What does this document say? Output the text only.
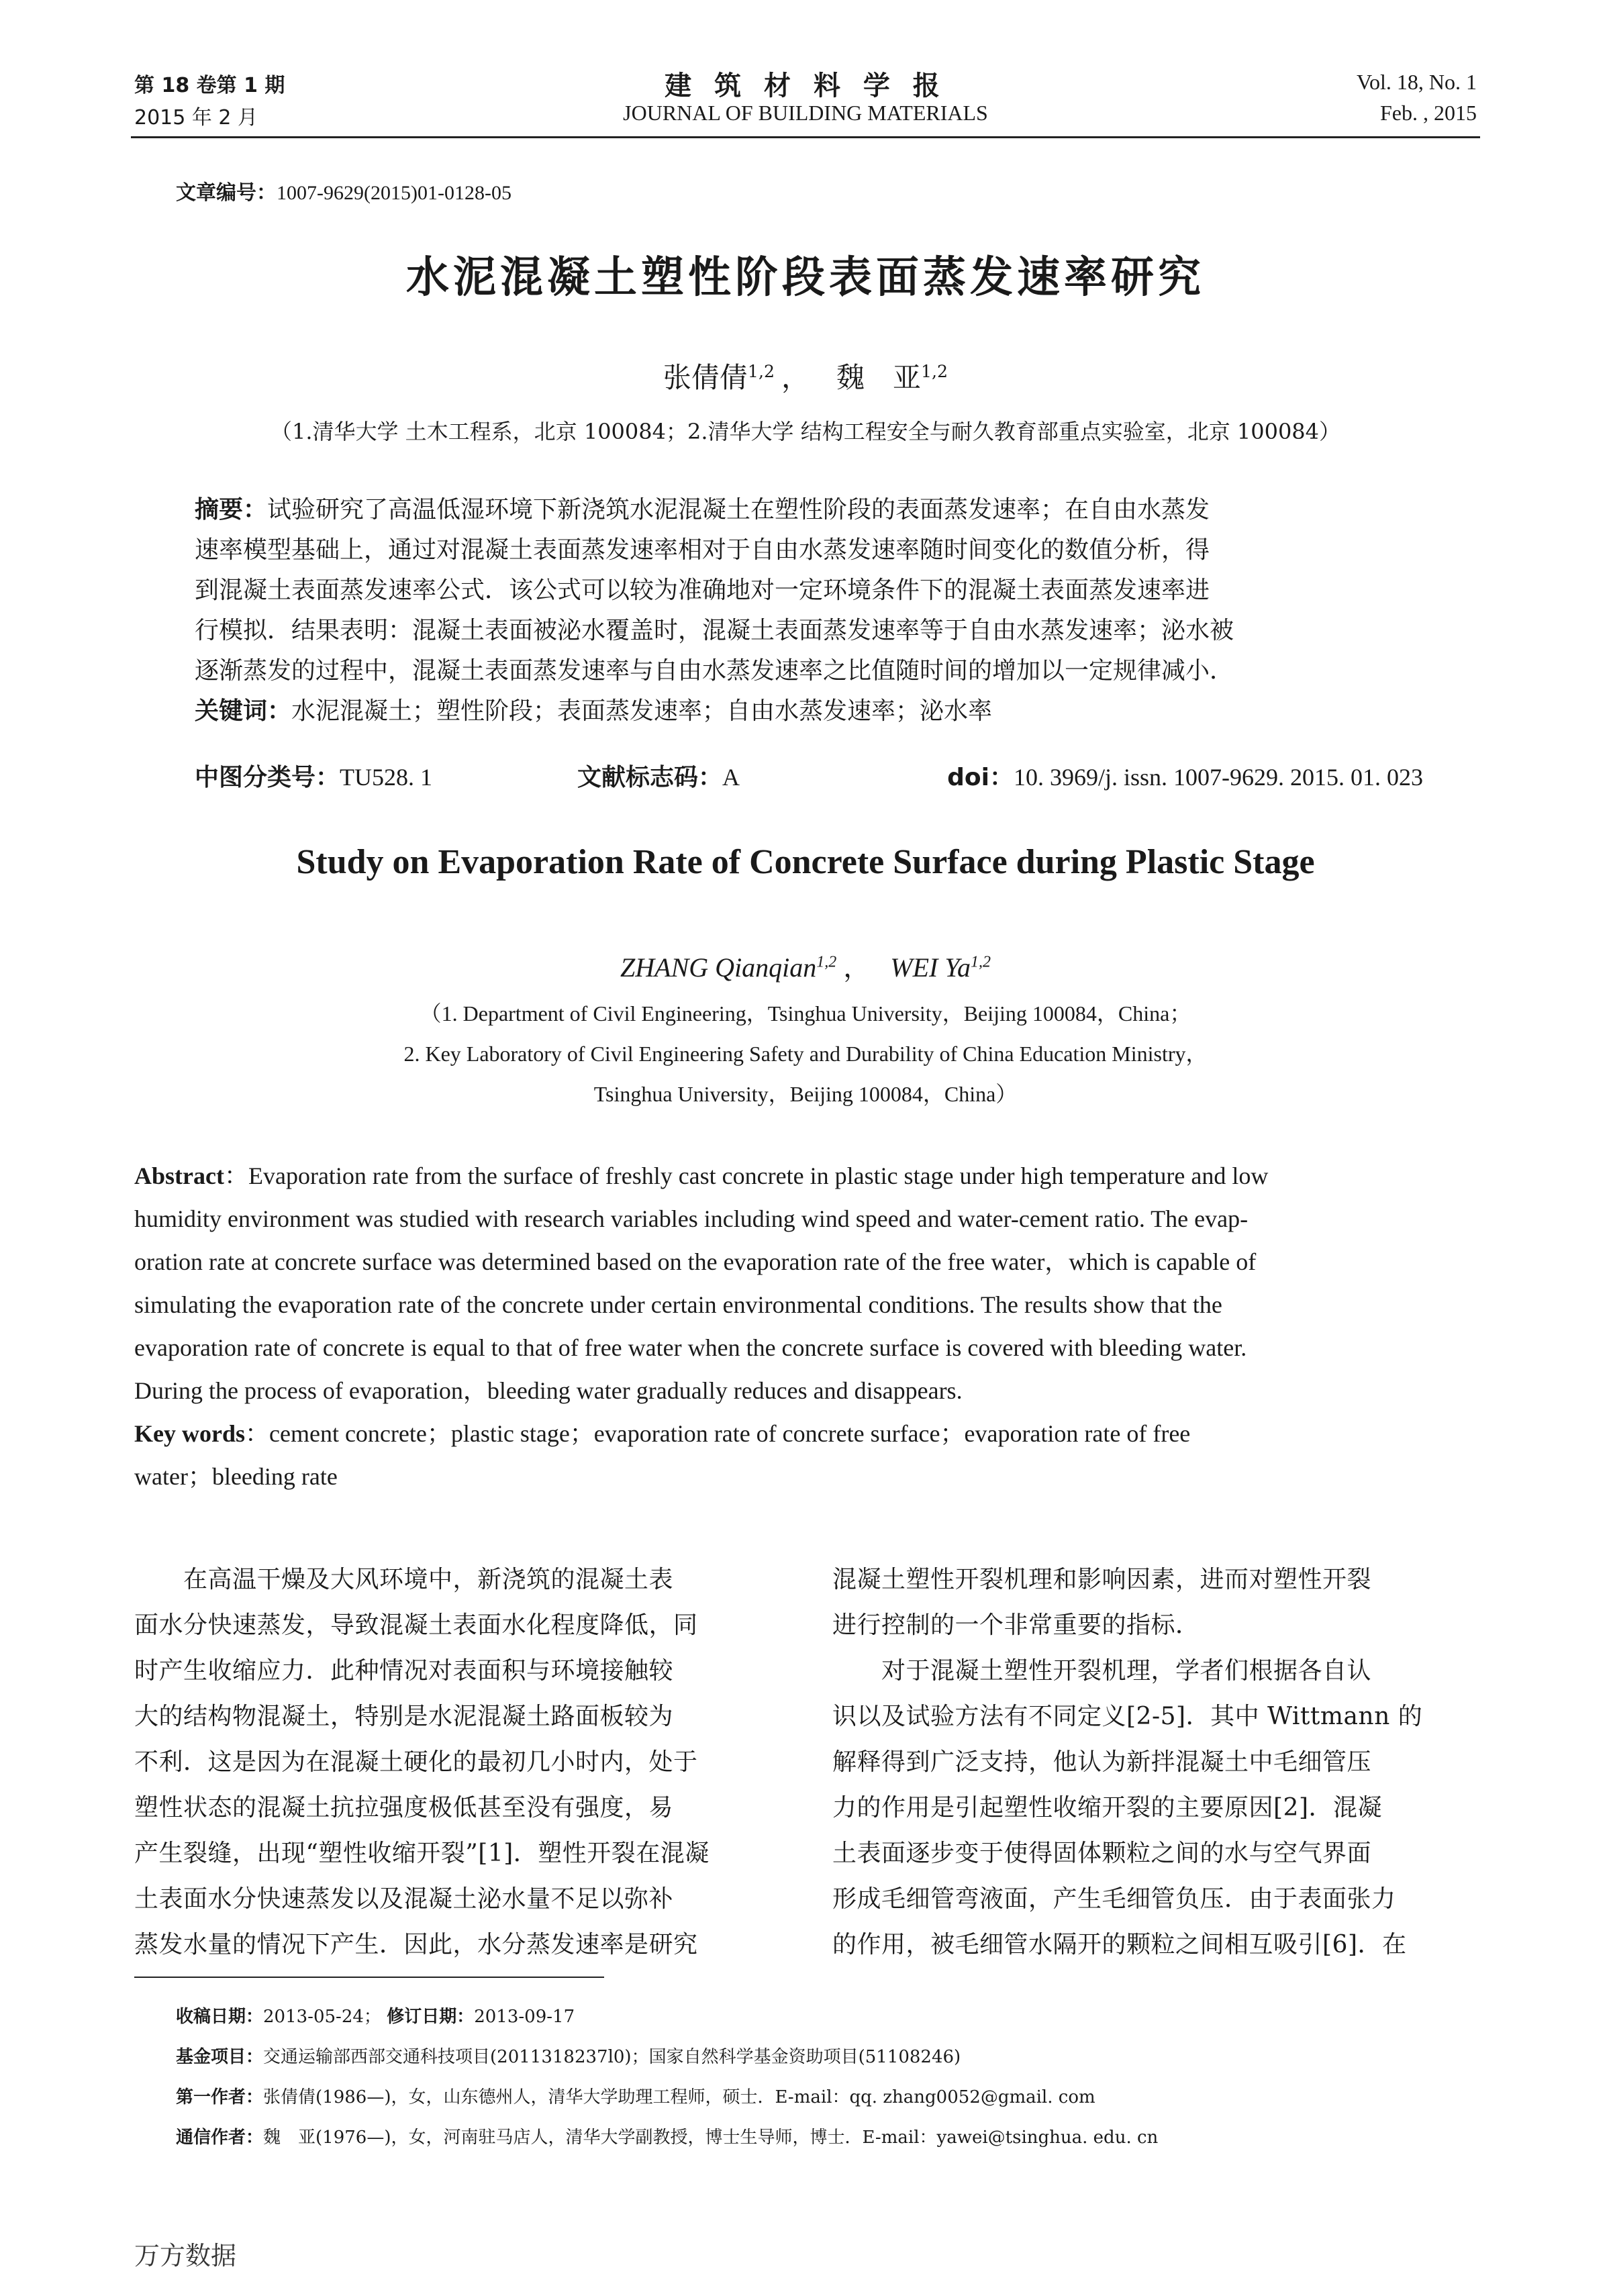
第 18 卷第 1 期
2015 年 2 月
建 筑 材 料 学 报
JOURNAL OF BUILDING MATERIALS
Vol. 18, No. 1
Feb. , 2015
文章编号：1007-9629(2015)01-0128-05
水泥混凝土塑性阶段表面蒸发速率研究
张倩倩$^{1,2}$ ， 魏　亚$^{1,2}$
（1.清华大学 土木工程系，北京 100084；2.清华大学 结构工程安全与耐久教育部重点实验室，北京 100084）
摘要：试验研究了高温低湿环境下新浇筑水泥混凝土在塑性阶段的表面蒸发速率；在自由水蒸发
速率模型基础上，通过对混凝土表面蒸发速率相对于自由水蒸发速率随时间变化的数值分析，得
到混凝土表面蒸发速率公式．该公式可以较为准确地对一定环境条件下的混凝土表面蒸发速率进
行模拟．结果表明：混凝土表面被泌水覆盖时，混凝土表面蒸发速率等于自由水蒸发速率；泌水被
逐渐蒸发的过程中，混凝土表面蒸发速率与自由水蒸发速率之比值随时间的增加以一定规律减小．
关键词：水泥混凝土；塑性阶段；表面蒸发速率；自由水蒸发速率；泌水率
中图分类号：TU528. 1	文献标志码：A	doi：10. 3969/j. issn. 1007-9629. 2015. 01. 023
Study on Evaporation Rate of Concrete Surface during Plastic Stage
ZHANG Qianqian$^{1,2}$ ， WEI Ya$^{1,2}$
（1. Department of Civil Engineering，Tsinghua University，Beijing 100084，China；
2. Key Laboratory of Civil Engineering Safety and Durability of China Education Ministry，
Tsinghua University，Beijing 100084，China）
Abstract：Evaporation rate from the surface of freshly cast concrete in plastic stage under high temperature and low
humidity environment was studied with research variables including wind speed and water-cement ratio. The evap-
oration rate at concrete surface was determined based on the evaporation rate of the free water，which is capable of
simulating the evaporation rate of the concrete under certain environmental conditions. The results show that the
evaporation rate of concrete is equal to that of free water when the concrete surface is covered with bleeding water.
During the process of evaporation，bleeding water gradually reduces and disappears.
Key words：cement concrete；plastic stage；evaporation rate of concrete surface；evaporation rate of free
water；bleeding rate
　　在高温干燥及大风环境中，新浇筑的混凝土表
面水分快速蒸发，导致混凝土表面水化程度降低，同
时产生收缩应力．此种情况对表面积与环境接触较
大的结构物混凝土，特别是水泥混凝土路面板较为
不利．这是因为在混凝土硬化的最初几小时内，处于
塑性状态的混凝土抗拉强度极低甚至没有强度，易
产生裂缝，出现“塑性收缩开裂”[1]．塑性开裂在混凝
土表面水分快速蒸发以及混凝土泌水量不足以弥补
蒸发水量的情况下产生．因此，水分蒸发速率是研究
混凝土塑性开裂机理和影响因素，进而对塑性开裂
进行控制的一个非常重要的指标．
　　对于混凝土塑性开裂机理，学者们根据各自认
识以及试验方法有不同定义[2-5]．其中 Wittmann 的
解释得到广泛支持，他认为新拌混凝土中毛细管压
力的作用是引起塑性收缩开裂的主要原因[2]．混凝
土表面逐步变于使得固体颗粒之间的水与空气界面
形成毛细管弯液面，产生毛细管负压．由于表面张力
的作用，被毛细管水隔开的颗粒之间相互吸引[6]．在
收稿日期：2013-05-24； 修订日期：2013-09-17
基金项目：交通运输部西部交通科技项目(2011318237l0)；国家自然科学基金资助项目(51108246)
第一作者：张倩倩(1986—)，女，山东德州人，清华大学助理工程师，硕士．E-mail：qq. zhang0052@gmail. com
通信作者：魏　亚(1976—)，女，河南驻马店人，清华大学副教授，博士生导师，博士．E-mail：yawei@tsinghua. edu. cn
万方数据
